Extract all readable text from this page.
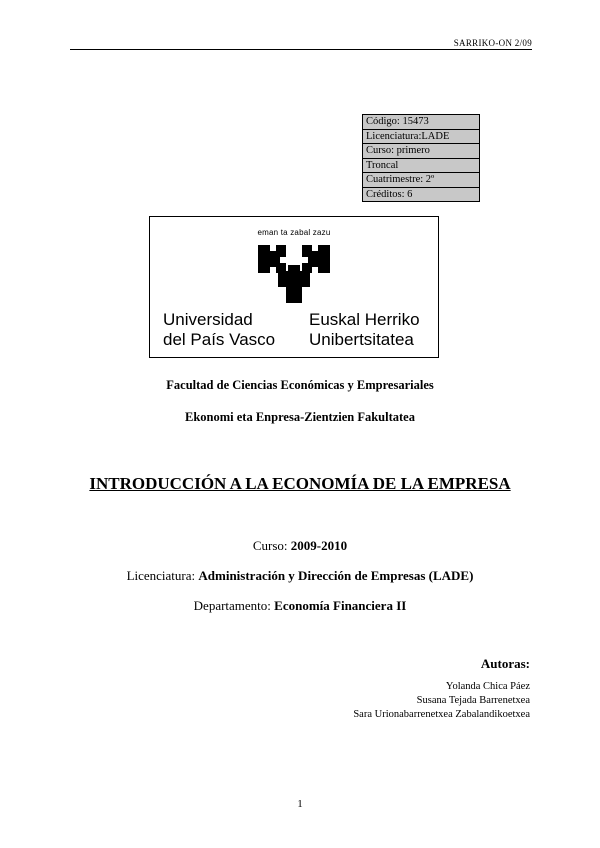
SARRIKO-ON 2/09
Código: 15473
Licenciatura:LADE
Curso: primero
Troncal
Cuatrimestre: 2º
Créditos: 6
eman ta zabal zazu
Universidad
del País Vasco
Euskal Herriko
Unibertsitatea
Facultad de Ciencias Económicas y Empresariales
Ekonomi eta Enpresa-Zientzien Fakultatea
INTRODUCCIÓN A LA ECONOMÍA DE LA EMPRESA
Curso: 2009-2010
Licenciatura: Administración y Dirección de Empresas (LADE)
Departamento: Economía Financiera II
Autoras:
Yolanda Chica Páez
Susana Tejada Barrenetxea
Sara Urionabarrenetxea Zabalandikoetxea
1
